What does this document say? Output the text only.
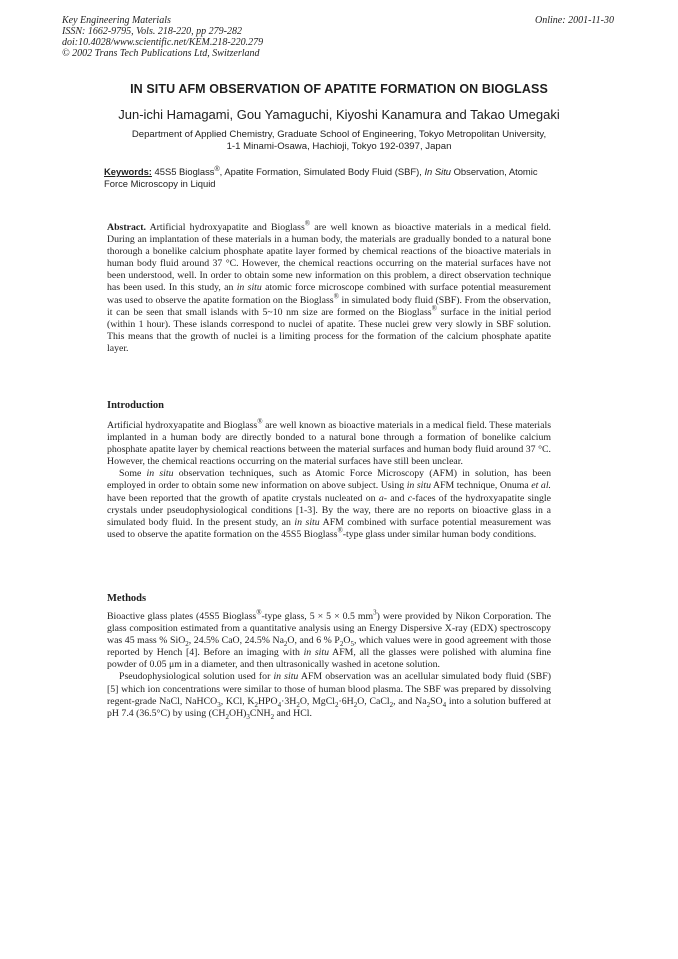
Key Engineering Materials
ISSN: 1662-9795, Vols. 218-220, pp 279-282
doi:10.4028/www.scientific.net/KEM.218-220.279
© 2002 Trans Tech Publications Ltd, Switzerland
Online: 2001-11-30
IN SITU AFM OBSERVATION OF APATITE FORMATION ON BIOGLASS
Jun-ichi Hamagami, Gou Yamaguchi, Kiyoshi Kanamura and Takao Umegaki
Department of Applied Chemistry, Graduate School of Engineering, Tokyo Metropolitan University,
1-1 Minami-Osawa, Hachioji, Tokyo 192-0397, Japan
Keywords: 45S5 Bioglass®, Apatite Formation, Simulated Body Fluid (SBF), In Situ Observation, Atomic Force Microscopy in Liquid
Abstract. Artificial hydroxyapatite and Bioglass® are well known as bioactive materials in a medical field. During an implantation of these materials in a human body, the materials are gradually bonded to a natural bone thorough a bonelike calcium phosphate apatite layer formed by chemical reactions of the bioactive materials in human body fluid around 37 °C. However, the chemical reactions occurring on the material surfaces have not been understood, well. In order to obtain some new information on this problem, a direct observation technique has been used. In this study, an in situ atomic force microscope combined with surface potential measurement was used to observe the apatite formation on the Bioglass® in simulated body fluid (SBF). From the observation, it can be seen that small islands with 5~10 nm size are formed on the Bioglass® surface in the initial period (within 1 hour). These islands correspond to nuclei of apatite. These nuclei grew very slowly in SBF solution. This means that the growth of nuclei is a limiting process for the formation of the calcium phosphate apatite layer.
Introduction

Artificial hydroxyapatite and Bioglass® are well known as bioactive materials in a medical field. These materials implanted in a human body are directly bonded to a natural bone through a formation of bonelike calcium phosphate apatite layer by chemical reactions between the material surfaces and human body fluid around 37 °C. However, the chemical reactions occurring on the material surfaces have still been unclear.

Some in situ observation techniques, such as Atomic Force Microscopy (AFM) in solution, has been employed in order to obtain some new information on above subject. Using in situ AFM technique, Onuma et al. have been reported that the growth of apatite crystals nucleated on a- and c-faces of the hydroxyapatite single crystals under pseudophysiological conditions [1-3]. By the way, there are no reports on bioactive glass in a simulated body fluid. In the present study, an in situ AFM combined with surface potential measurement was used to observe the apatite formation on the 45S5 Bioglass®-type glass under similar human body conditions.

Methods

Bioactive glass plates (45S5 Bioglass®-type glass, 5 × 5 × 0.5 $mm^3$) were provided by Nikon Corporation. The glass composition estimated from a quantitative analysis using an Energy Dispersive X-ray (EDX) spectroscopy was 45 mass % SiO$_2$, 24.5% CaO, 24.5% $Na_2O$, and 6 % $P_2O_5$, which values were in good agreement with those reported by Hench [4]. Before an imaging with in situ AFM, all the glasses were polished with alumina fine powder of 0.05 μm in a diameter, and then ultrasonically washed in acetone solution.

Pseudophysiological solution used for in situ AFM observation was an acellular simulated body fluid (SBF) [5] which ion concentrations were similar to those of human blood plasma. The SBF was prepared by dissolving regent-grade NaCl, NaHCO$_3$, KCl, $K_2HPO_4\cdot 3H_2O$, $MgCl_2\cdot 6H_2O$, CaCl$_2$, and $Na_2SO_4$ into a solution buffered at pH 7.4 (36.5°C) by using $(CH_2OH)_3CNH_2$ and HCl.
